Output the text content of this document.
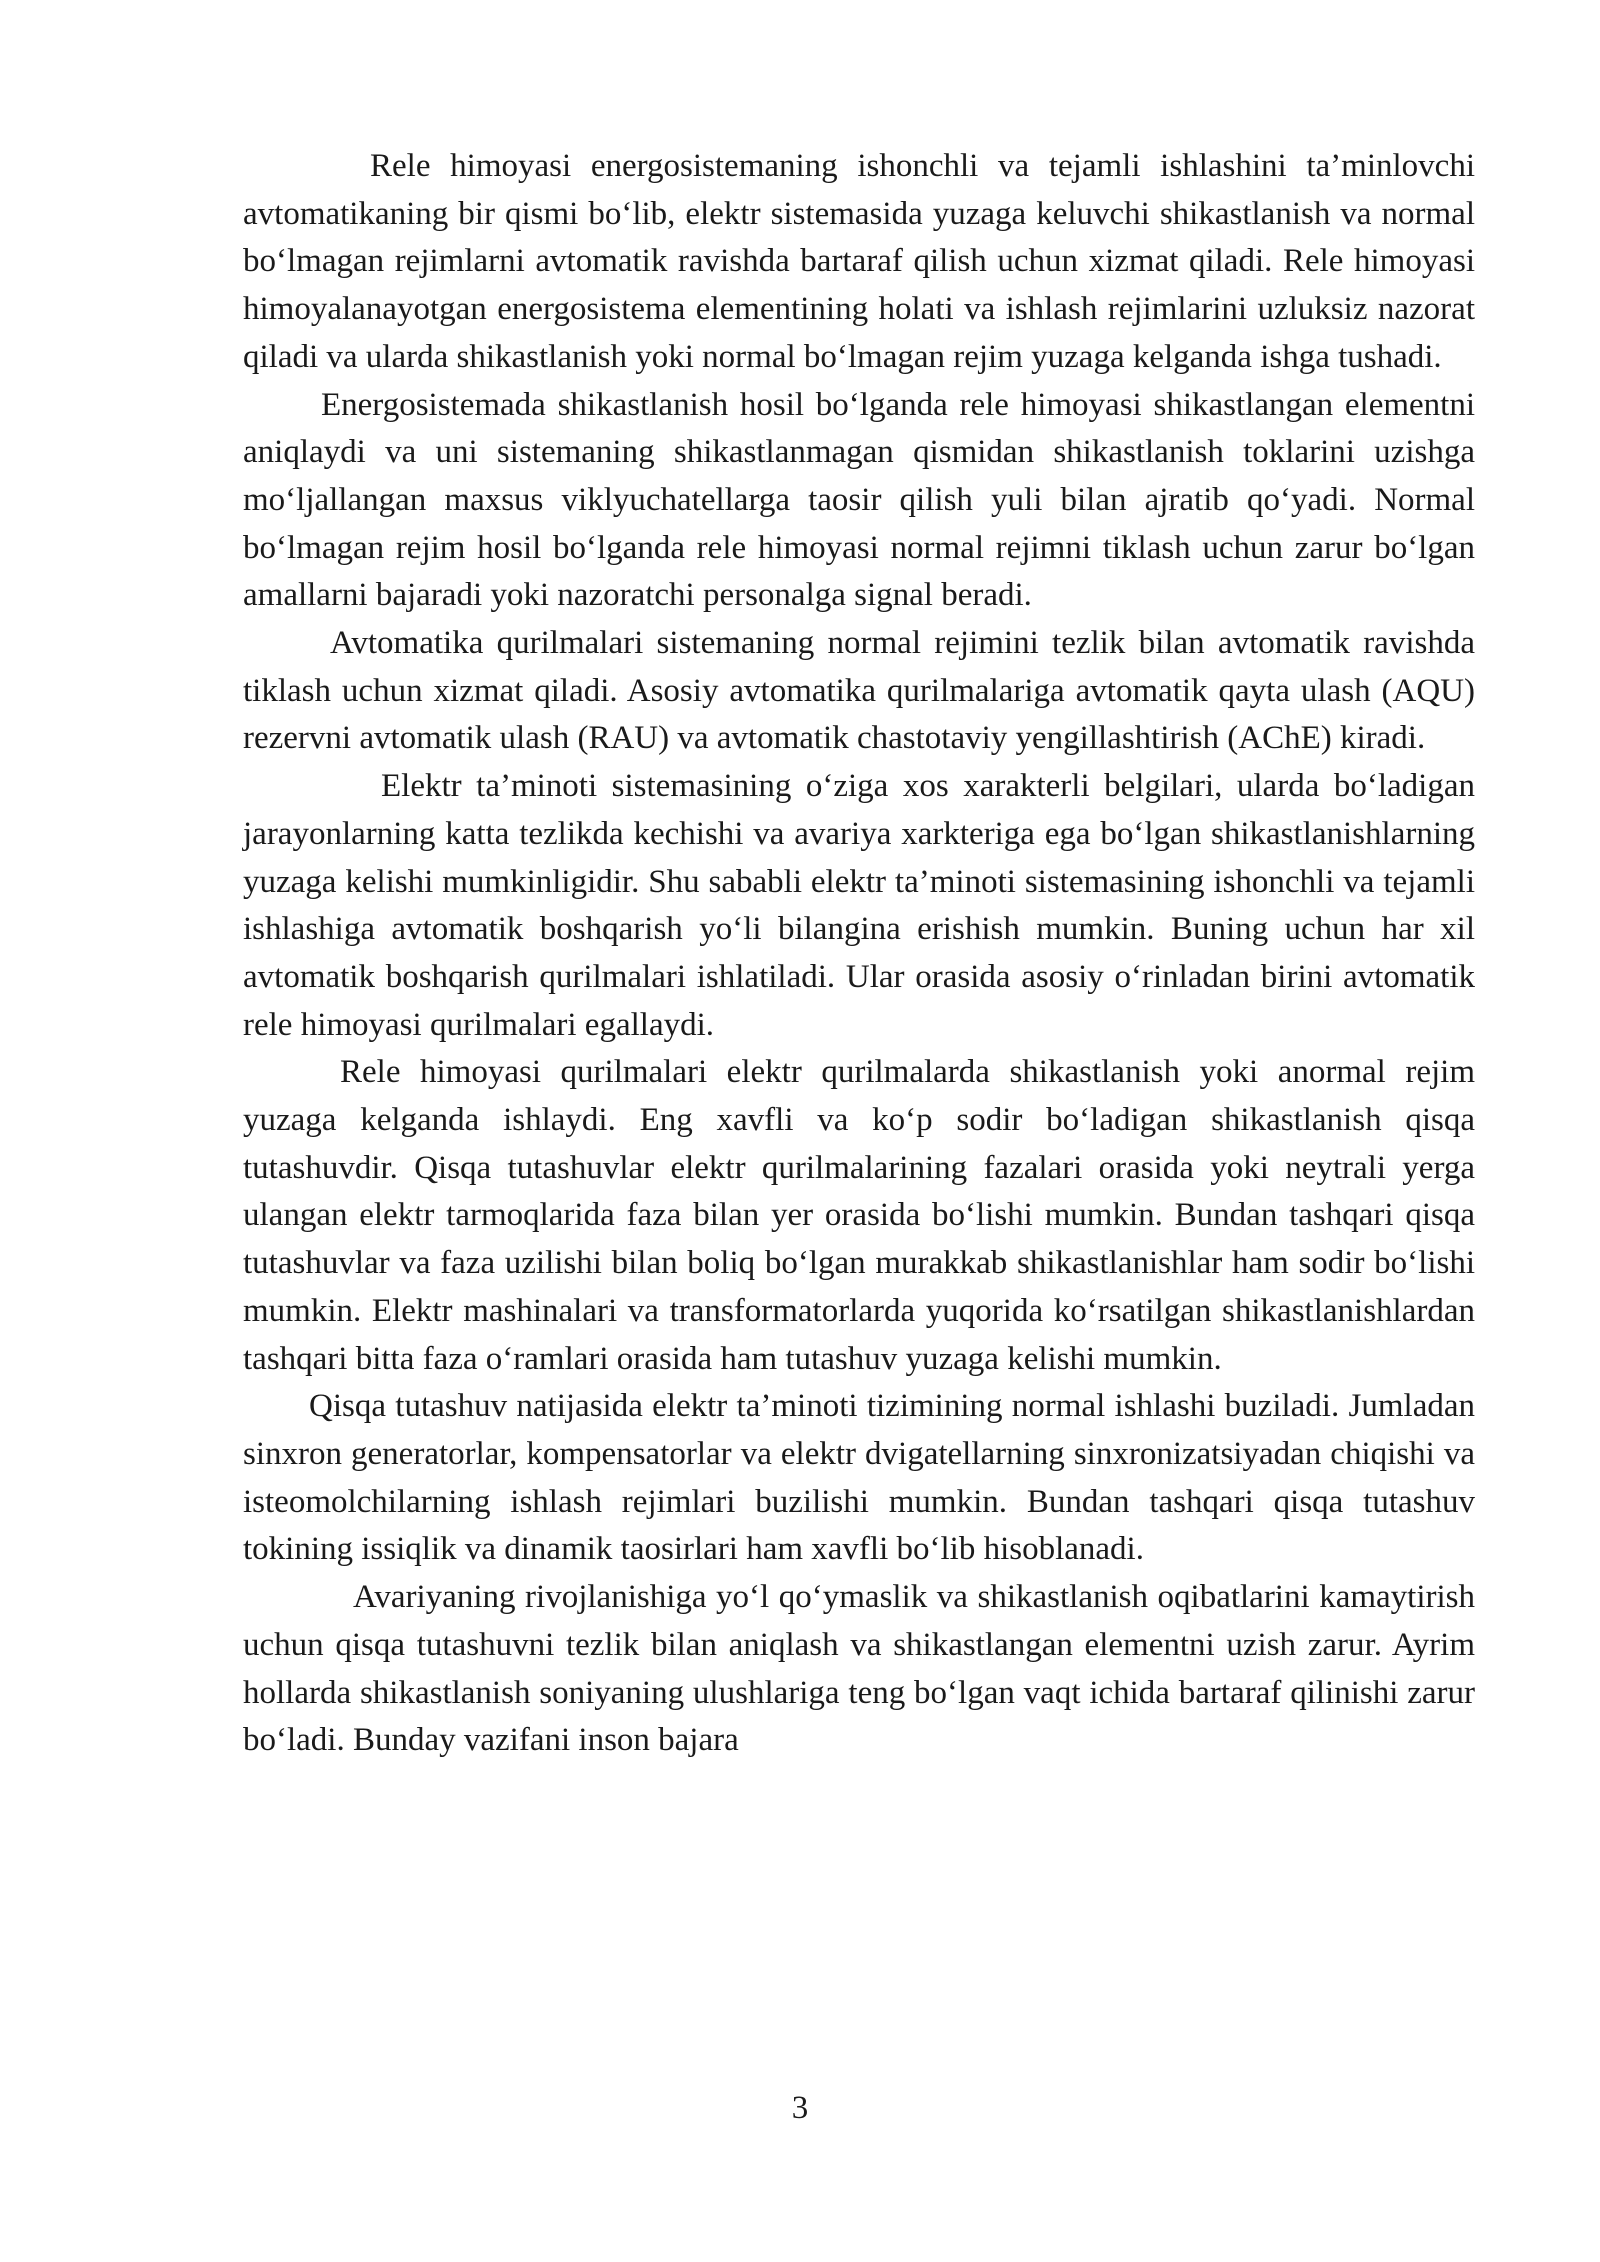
Rele himoyasi energosistemaning ishonchli va tejamli ishlashini ta’minlovchi avtomatikaning bir qismi bo‘lib, elektr sistemasida yuzaga keluvchi shikastlanish va normal bo‘lmagan rejimlarni avtomatik ravishda bartaraf qilish uchun xizmat qiladi. Rele himoyasi himoyalanayotgan energosistema elementining holati va ishlash rejimlarini uzluksiz nazorat qiladi va ularda shikastlanish yoki normal bo‘lmagan rejim yuzaga kelganda ishga tushadi.

Energosistemada shikastlanish hosil bo‘lganda rele himoyasi shikastlangan elementni aniqlaydi va uni sistemaning shikastlanmagan qismidan shikastlanish toklarini uzishga mo‘ljallangan maxsus viklyuchatellarga taosir qilish yuli bilan ajratib qo‘yadi. Normal bo‘lmagan rejim hosil bo‘lganda rele himoyasi normal rejimni tiklash uchun zarur bo‘lgan amallarni bajaradi yoki nazoratchi personalga signal beradi.

Avtomatika qurilmalari sistemaning normal rejimini tezlik bilan avtomatik ravishda tiklash uchun xizmat qiladi. Asosiy avtomatika qurilmalariga avtomatik qayta ulash (AQU) rezervni avtomatik ulash (RAU) va avtomatik chastotaviy yengillashtirish (AChE) kiradi.

Elektr ta’minoti sistemasining o‘ziga xos xarakterli belgilari, ularda bo‘ladigan jarayonlarning katta tezlikda kechishi va avariya xarkteriga ega bo‘lgan shikastlanishlarning yuzaga kelishi mumkinligidir. Shu sababli elektr ta’minoti sistemasining ishonchli va tejamli ishlashiga avtomatik boshqarish yo‘li bilangina erishish mumkin. Buning uchun har xil avtomatik boshqarish qurilmalari ishlatiladi. Ular orasida asosiy o‘rinladan birini avtomatik rele himoyasi qurilmalari egallaydi.

Rele himoyasi qurilmalari elektr qurilmalarda shikastlanish yoki anormal rejim yuzaga kelganda ishlaydi. Eng xavfli va ko‘p sodir bo‘ladigan shikastlanish qisqa tutashuvdir. Qisqa tutashuvlar elektr qurilmalarining fazalari orasida yoki neytrali yerga ulangan elektr tarmoqlarida faza bilan yer orasida bo‘lishi mumkin. Bundan tashqari qisqa tutashuvlar va faza uzilishi bilan boliq bo‘lgan murakkab shikastlanishlar ham sodir bo‘lishi mumkin. Elektr mashinalari va transformatorlarda yuqorida ko‘rsatilgan shikastlanishlardan tashqari bitta faza o‘ramlari orasida ham tutashuv yuzaga kelishi mumkin.

Qisqa tutashuv natijasida elektr ta’minoti tizimining normal ishlashi buziladi. Jumladan sinxron generatorlar, kompensatorlar va elektr dvigatellarning sinxronizatsiyadan chiqishi va isteomolchilarning ishlash rejimlari buzilishi mumkin. Bundan tashqari qisqa tutashuv tokining issiqlik va dinamik taosirlari ham xavfli bo‘lib hisoblanadi.

Avariyaning rivojlanishiga yo‘l qo‘ymaslik va shikastlanish oqibatlarini kamaytirish uchun qisqa tutashuvni tezlik bilan aniqlash va shikastlangan elementni uzish zarur. Ayrim hollarda shikastlanish soniyaning ulushlariga teng bo‘lgan vaqt ichida bartaraf qilinishi zarur bo‘ladi. Bunday vazifani inson bajara

3
